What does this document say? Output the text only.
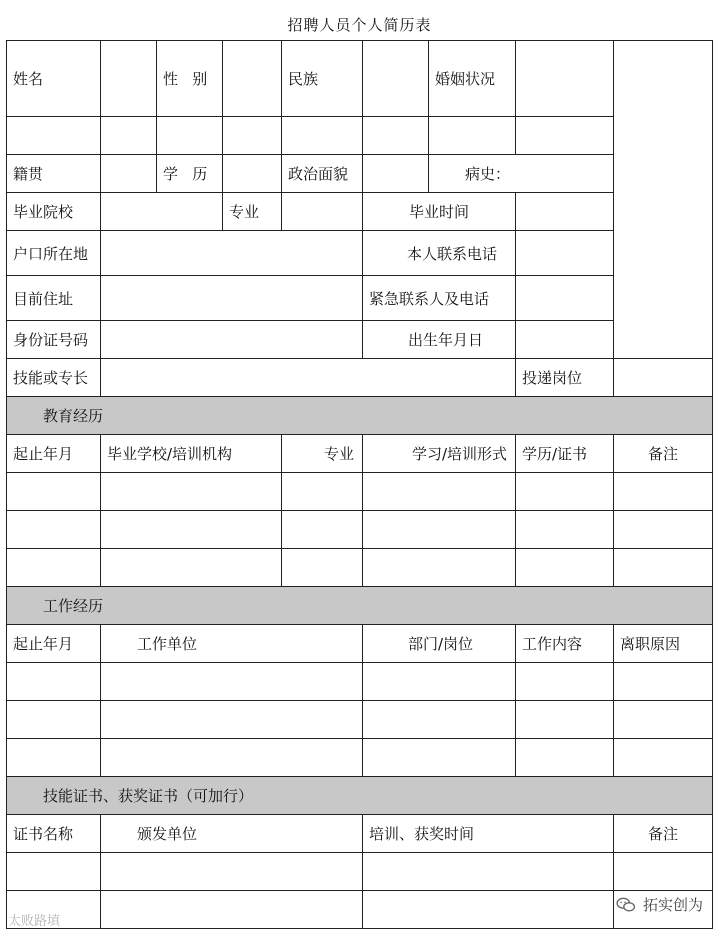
招聘人员个人简历表
姓名		性   别		民族		婚姻状况		

籍贯		学   历		政治面貌		病史：		
毕业院校			专业		毕业时间			
户口所在地					本人联系电话			
目前住址					紧急联系人及电话			
身份证号码					出生年月日			
技能或专长							投递岗位	
教育经历								
起止年月	毕业学校/培训机构			专业	学习/培训形式		学历/证书	备注

工作经历								
起止年月	工作单位				部门/岗位		工作内容	离职原因

技能证书、获奖证书（可加行）								
证书名称	颁发单位				培训、获奖时间			备注

太败路填
拓实创为
